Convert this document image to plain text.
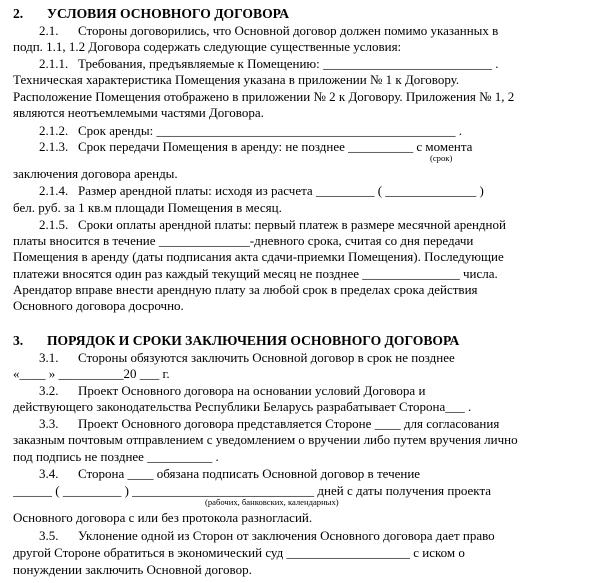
2.       УСЛОВИЯ ОСНОВНОГО ДОГОВОРА
2.1.      Стороны договорились, что Основной договор должен помимо указанных в
подп. 1.1, 1.2 Договора содержать следующие существенные условия:
2.1.1.   Требования, предъявляемые к Помещению: __________________________ .
Техническая характеристика Помещения указана в приложении № 1 к Договору.
Расположение Помещения отображено в приложении № 2 к Договору. Приложения № 1, 2
являются неотъемлемыми частями Договора.
2.1.2.   Срок аренды: ______________________________________________ .
2.1.3.   Срок передачи Помещения в аренду: не позднее __________ с момента
(срок)
заключения договора аренды.
2.1.4.   Размер арендной платы: исходя из расчета _________ ( ______________ )
бел. руб. за 1 кв.м площади Помещения в месяц.
2.1.5.   Сроки оплаты арендной платы: первый платеж в размере месячной арендной
платы вносится в течение ______________-дневного срока, считая со дня передачи
Помещения в аренду (даты подписания акта сдачи-приемки Помещения). Последующие
платежи вносятся один раз каждый текущий месяц не позднее _______________ числа.
Арендатор вправе внести арендную плату за любой срок в пределах срока действия
Основного договора досрочно.
3.       ПОРЯДОК И СРОКИ ЗАКЛЮЧЕНИЯ ОСНОВНОГО ДОГОВОРА
3.1.      Стороны обязуются заключить Основной договор в срок не позднее
«____ » __________20 ___ г.
3.2.      Проект Основного договора на основании условий Договора и
действующего законодательства Республики Беларусь разрабатывает Сторона___ .
3.3.      Проект Основного договора представляется Стороне ____ для согласования
заказным почтовым отправлением с уведомлением о вручении либо путем вручения лично
под подпись не позднее __________ .
3.4.      Сторона ____ обязана подписать Основной договор в течение
______ ( _________ ) ____________________________ дней с даты получения проекта
(рабочих, банковских, календарных)
Основного договора с или без протокола разногласий.
3.5.      Уклонение одной из Сторон от заключения Основного договора дает право
другой Стороне обратиться в экономический суд ___________________ с иском о
понуждении заключить Основной договор.
